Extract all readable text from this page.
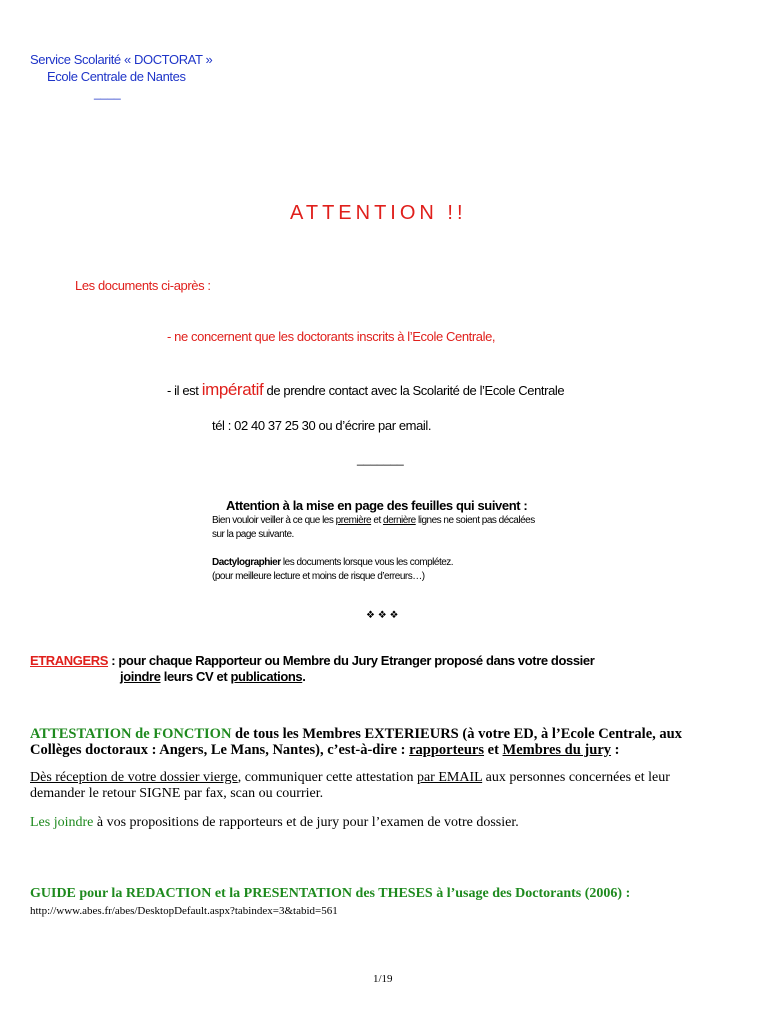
Service Scolarité « DOCTORAT »
Ecole Centrale de Nantes
____
ATTENTION !!
Les documents ci-après :
- ne concernent que les doctorants inscrits à l’Ecole Centrale,
- il est impératif de prendre contact avec la Scolarité de l’Ecole Centrale
tél : 02 40 37 25 30 ou d’écrire par email.
_______
Attention à la mise en page des feuilles qui suivent :
Bien vouloir veiller à ce que les première et dernière lignes ne soient pas décalées
sur la page suivante.
Dactylographier les documents lorsque vous les complétez.
(pour meilleure lecture et moins de risque d’erreurs…)
❖ ❖ ❖
ETRANGERS : pour chaque Rapporteur ou Membre du Jury Etranger proposé dans votre dossier
joindre leurs CV et publications.
ATTESTATION de FONCTION de tous les Membres EXTERIEURS (à votre ED, à l’Ecole Centrale, aux
Collèges doctoraux : Angers, Le Mans, Nantes), c’est-à-dire : rapporteurs et Membres du jury :
Dès réception de votre dossier vierge, communiquer cette attestation par EMAIL aux personnes concernées et leur
demander le retour SIGNE par fax, scan ou courrier.
Les joindre à vos propositions de rapporteurs et de jury pour l’examen de votre dossier.
GUIDE pour la REDACTION et la PRESENTATION des THESES à l’usage des Doctorants (2006) :
http://www.abes.fr/abes/DesktopDefault.aspx?tabindex=3&tabid=561
1/19
